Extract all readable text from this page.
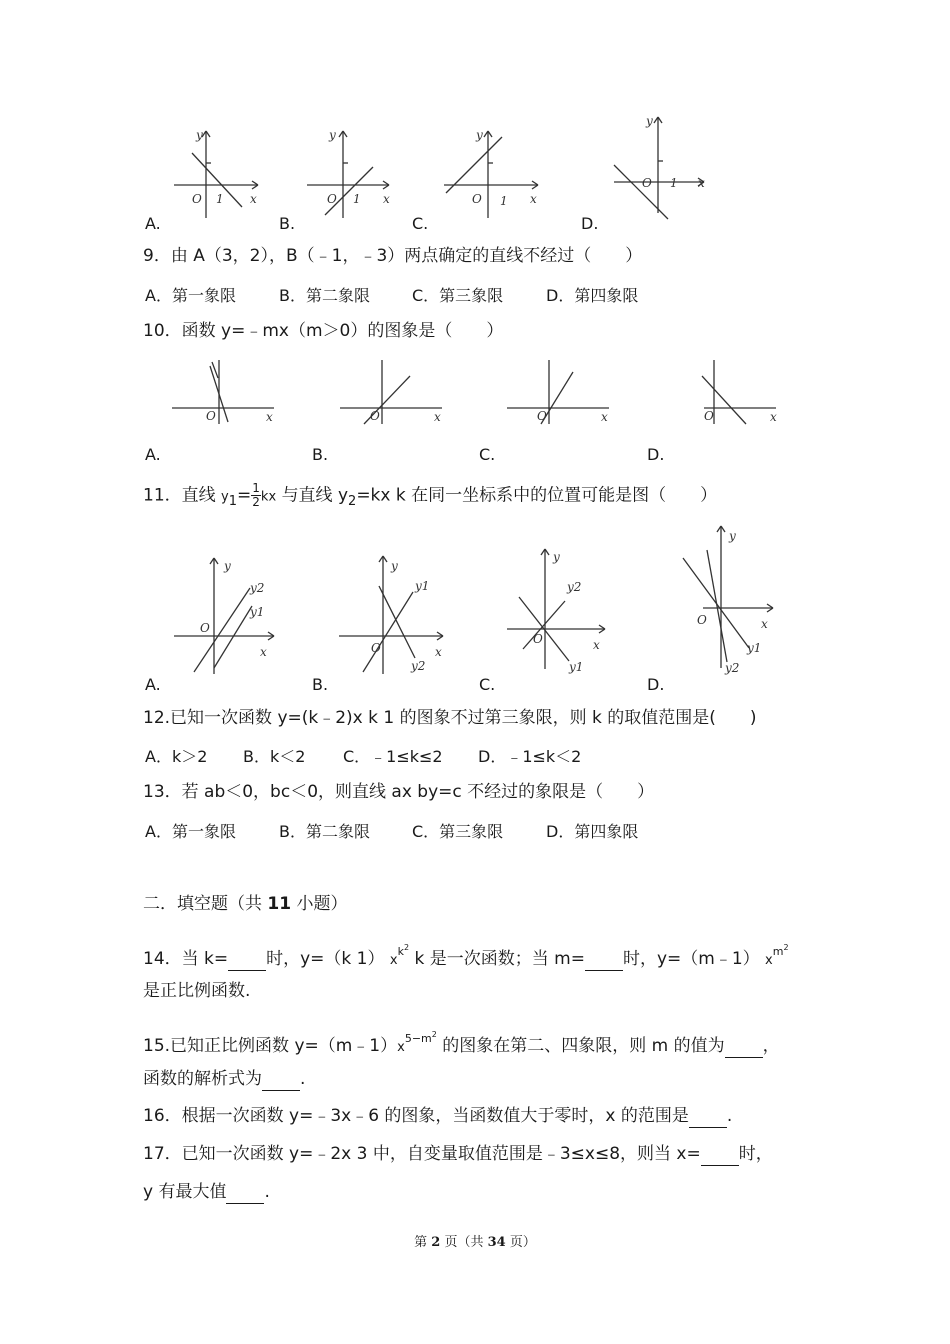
y
O 1 x
y
O 1 x
y
O 1 x
y
O 1 x
A.	B.	C.	D.
9．由 A（3，2），B（﹣1，﹣3）两点确定的直线不经过（　　）
A．第一象限	B．第二象限	C．第三象限	D．第四象限
10．函数 y=﹣mx（m＞0）的图象是（　　）
O	x	O	x	O	x	O	x
A.	B.	C.	D.
11．直线 $y_1= \frac{1}{2}$ kx 与直线 $y_2=kx$ k 在同一坐标系中的位置可能是图（　　）
y
O
x
y2
y1
y
O	x
y1
y2
y
O	x
y2
y1
y
O	x
y1
y2
A.	B.	C.	D.
12.已知一次函数 y=(k﹣2)x k 1 的图象不过第三象限，则 k 的取值范围是(　　)
A．k＞2 B．k＜2 C．﹣1≤k≤2 D．﹣1≤k＜2
13．若 ab＜0，bc＜0，则直线 ax by=c 不经过的象限是（　　）
A．第一象限	B．第二象限	C．第三象限	D．第四象限
二．填空题（共 11 小题）
14．当 k= 时，y=（k 1） $x^{k^2}$ k 是一次函数；当 m= 时，y=（m﹣1） $x^{m^2}$
是正比例函数.
15.已知正比例函数 $y=(m﹣1)x^{5-m^2}$ 的图象在第二、四象限，则 m 的值为 ，
函数的解析式为 .
16．根据一次函数 y=﹣3x﹣6 的图象，当函数值大于零时，x 的范围是 .
17．已知一次函数 y=﹣2x 3 中，自变量取值范围是﹣3≤x≤8，则当 x= 时，
y 有最大值 .
第 2 页（共 34 页）
